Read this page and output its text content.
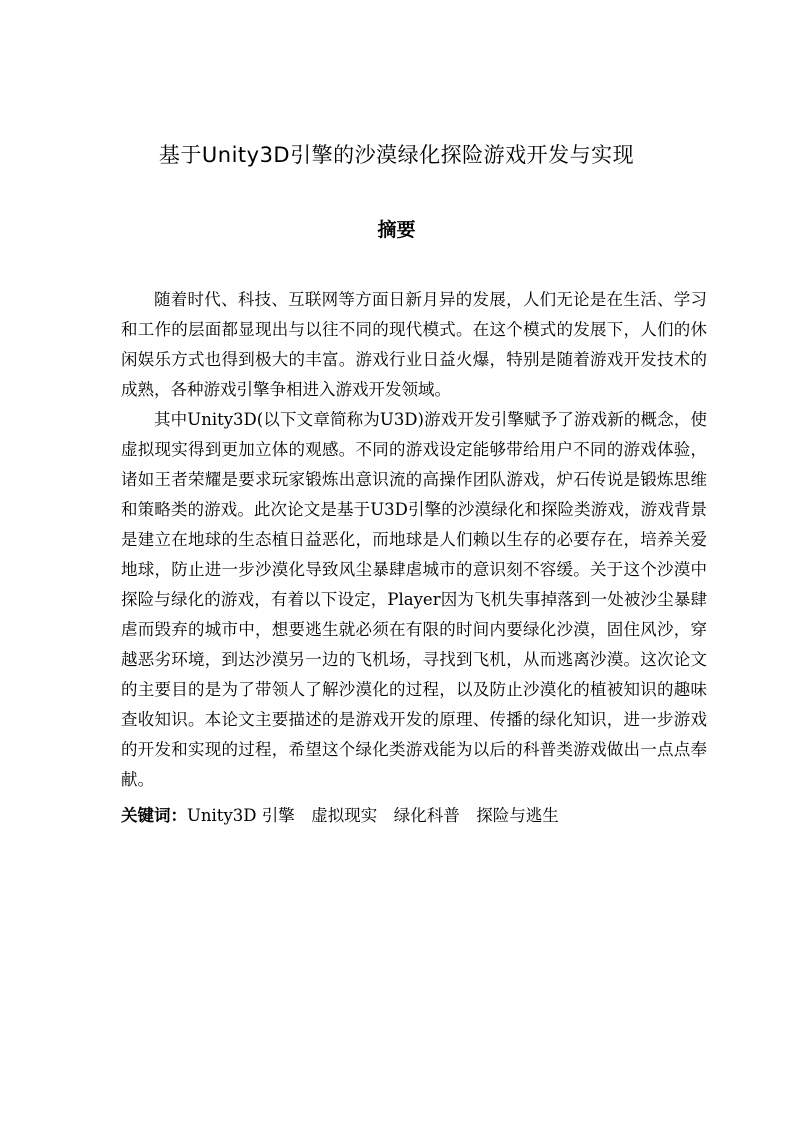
基于Unity3D引擎的沙漠绿化探险游戏开发与实现
摘要

随着时代、科技、互联网等方面日新月异的发展，人们无论是在生活、学习和工作的层面都显现出与以往不同的现代模式。在这个模式的发展下，人们的休闲娱乐方式也得到极大的丰富。游戏行业日益火爆，特别是随着游戏开发技术的成熟，各种游戏引擎争相进入游戏开发领域。

其中Unity3D(以下文章简称为U3D)游戏开发引擎赋予了游戏新的概念，使虚拟现实得到更加立体的观感。不同的游戏设定能够带给用户不同的游戏体验，诸如王者荣耀是要求玩家锻炼出意识流的高操作团队游戏，炉石传说是锻炼思维和策略类的游戏。此次论文是基于U3D引擎的沙漠绿化和探险类游戏，游戏背景是建立在地球的生态植日益恶化，而地球是人们赖以生存的必要存在，培养关爱地球，防止进一步沙漠化导致风尘暴肆虐城市的意识刻不容缓。关于这个沙漠中探险与绿化的游戏，有着以下设定，Player因为飞机失事掉落到一处被沙尘暴肆虐而毁弃的城市中，想要逃生就必须在有限的时间内要绿化沙漠，固住风沙，穿越恶劣环境，到达沙漠另一边的飞机场，寻找到飞机，从而逃离沙漠。这次论文的主要目的是为了带领人了解沙漠化的过程，以及防止沙漠化的植被知识的趣味查收知识。本论文主要描述的是游戏开发的原理、传播的绿化知识，进一步游戏的开发和实现的过程，希望这个绿化类游戏能为以后的科普类游戏做出一点点奉献。

关键词：Unity3D 引擎 虚拟现实 绿化科普 探险与逃生
